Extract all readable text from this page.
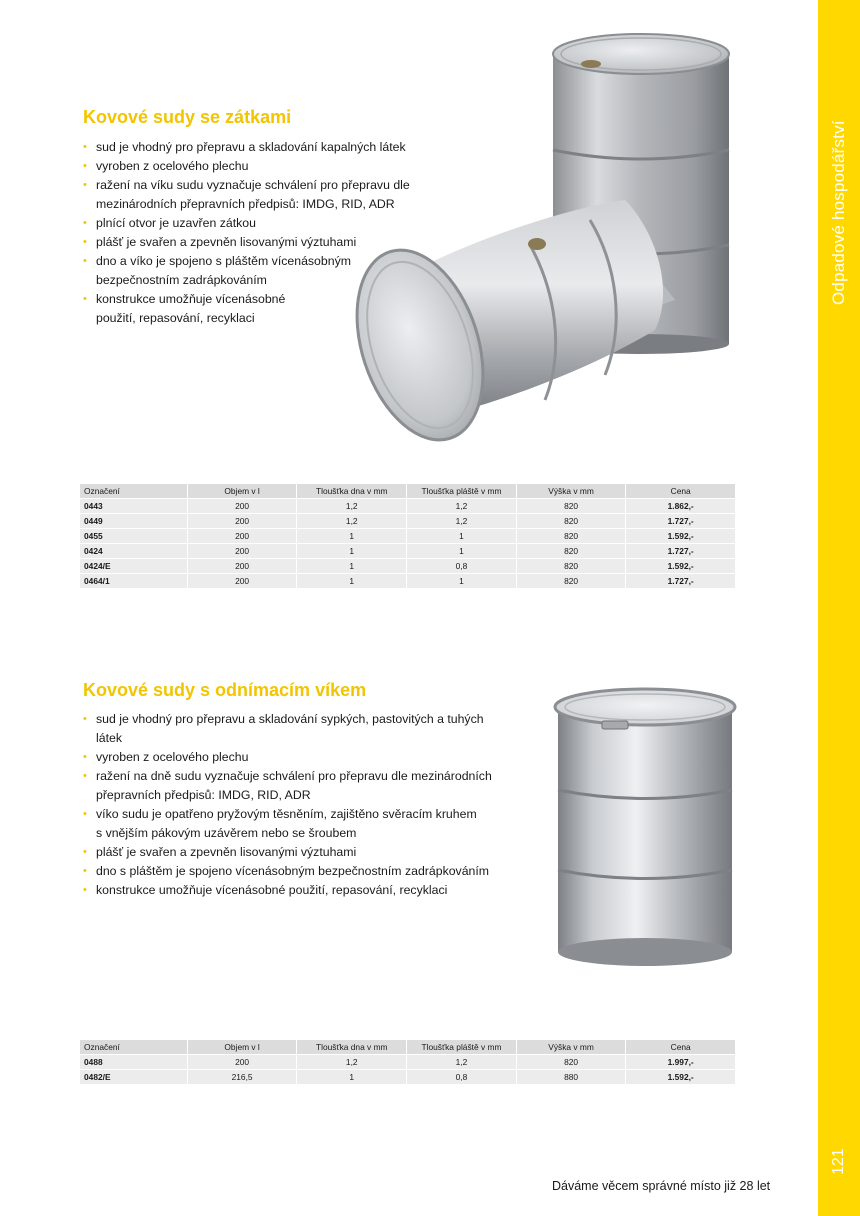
Odpadové hospodářství
121
Kovové sudy se zátkami
• sud je vhodný pro přepravu a skladování kapalných látek
• vyroben z ocelového plechu
• ražení na víku sudu vyznačuje schválení pro přepravu dle
mezinárodních přepravních předpisů: IMDG, RID, ADR
• plnící otvor je uzavřen zátkou
• plášť je svařen a zpevněn lisovanými výztuhami
• dno a víko je spojeno s pláštěm vícenásobným
bezpečnostním zadrápkováním
• konstrukce umožňuje vícenásobné
použití, repasování, recyklaci
Označení	Objem v l	Tloušťka dna v mm	Tloušťka pláště v mm	Výška v mm	Cena
0443	200	1,2	1,2	820	1.862,-
0449	200	1,2	1,2	820	1.727,-
0455	200	1	1	820	1.592,-
0424	200	1	1	820	1.727,-
0424/E	200	1	0,8	820	1.592,-
0464/1	200	1	1	820	1.727,-
Kovové sudy s odnímacím víkem
• sud je vhodný pro přepravu a skladování sypkých, pastovitých a tuhých
látek
• vyroben z ocelového plechu
• ražení na dně sudu vyznačuje schválení pro přepravu dle mezinárodních
přepravních předpisů: IMDG, RID, ADR
• víko sudu je opatřeno pryžovým těsněním, zajištěno svěracím kruhem
s vnějším pákovým uzávěrem nebo se šroubem
• plášť je svařen a zpevněn lisovanými výztuhami
• dno s pláštěm je spojeno vícenásobným bezpečnostním zadrápkováním
• konstrukce umožňuje vícenásobné použití, repasování, recyklaci
Označení	Objem v l	Tloušťka dna v mm	Tloušťka pláště v mm	Výška v mm	Cena
0488	200	1,2	1,2	820	1.997,-
0482/E	216,5	1	0,8	880	1.592,-
Dáváme věcem správné místo již 28 let
